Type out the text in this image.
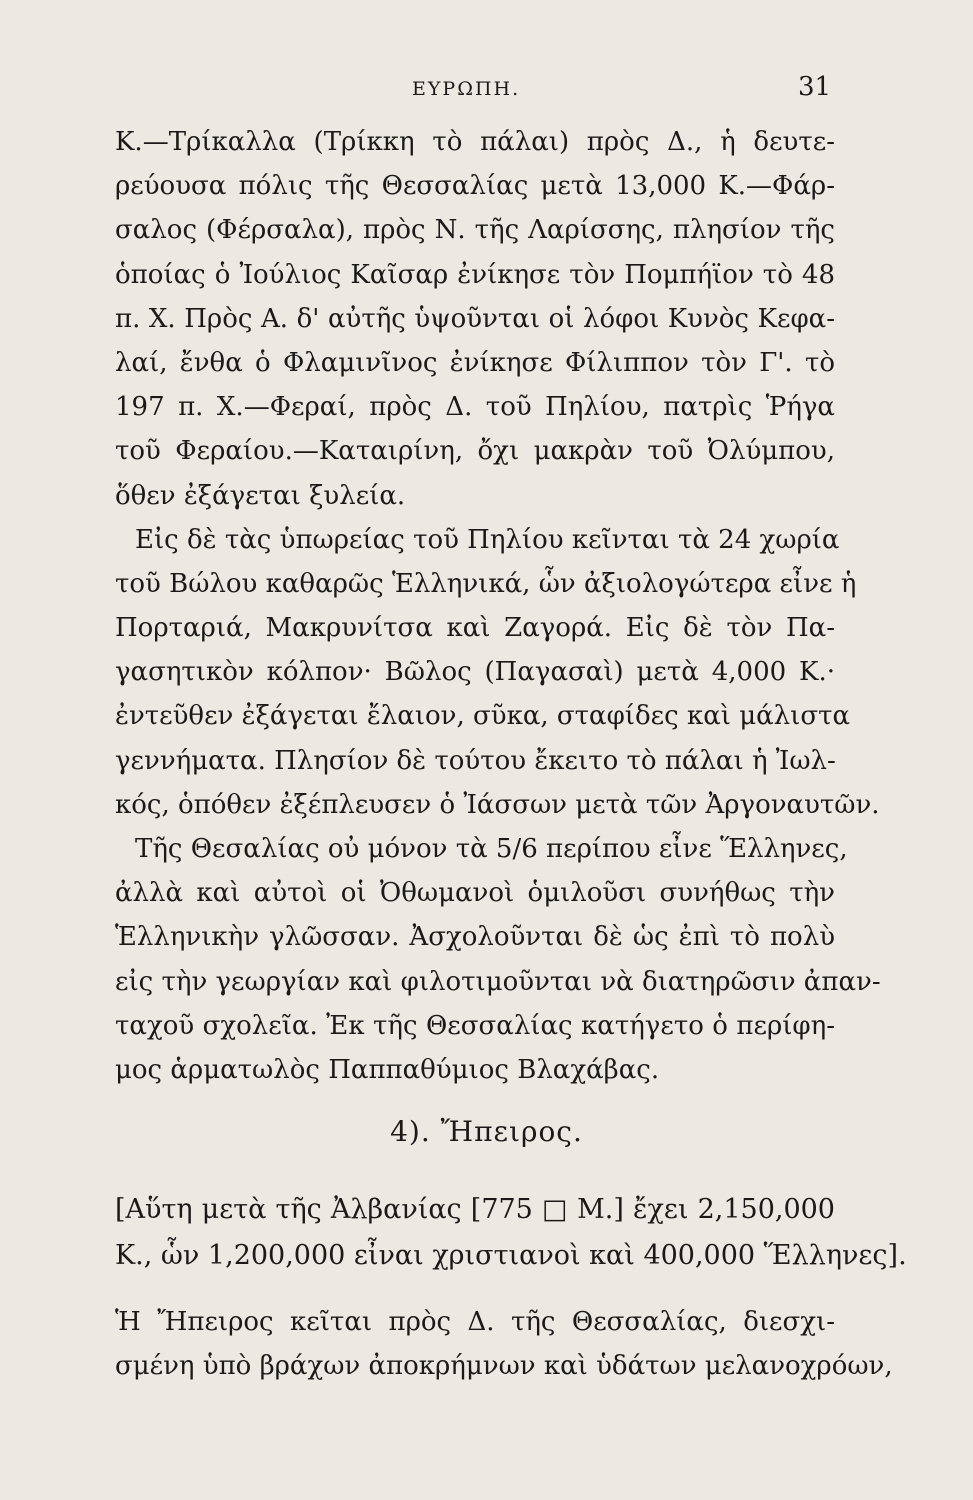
ΕΥΡΩΠΗ.	31
Κ.—Τρίκαλλα (Τρίκκη τὸ πάλαι) πρὸς Δ., ἡ δευτε-
ρεύουσα πόλις τῆς Θεσσαλίας μετὰ 13,000 Κ.—Φάρ-
σαλος (Φέρσαλα), πρὸς Ν. τῆς Λαρίσσης, πλησίον τῆς
ὁποίας ὁ Ἰούλιος Καῖσαρ ἐνίκησε τὸν Πομπήϊον τὸ 48
π. Χ. Πρὸς Α. δ' αὐτῆς ὑψοῦνται οἱ λόφοι Κυνὸς Κεφα-
λαί, ἔνθα ὁ Φλαμινῖνος ἐνίκησε Φίλιππον τὸν Γ'. τὸ
197 π. Χ.—Φεραί, πρὸς Δ. τοῦ Πηλίου, πατρὶς Ῥήγα
τοῦ Φεραίου.—Καταιρίνη, ὄχι μακρὰν τοῦ Ὀλύμπου,
ὅθεν ἐξάγεται ξυλεία.
Εἰς δὲ τὰς ὑπωρείας τοῦ Πηλίου κεῖνται τὰ 24 χωρία
τοῦ Βώλου καθαρῶς Ἑλληνικά, ὧν ἀξιολογώτερα εἶνε ἡ
Πορταριά, Μακρυνίτσα καὶ Ζαγορά. Εἰς δὲ τὸν Πα-
γασητικὸν κόλπον· Βῶλος (Παγασαὶ) μετὰ 4,000 Κ.·
ἐντεῦθεν ἐξάγεται ἔλαιον, σῦκα, σταφίδες καὶ μάλιστα
γεννήματα. Πλησίον δὲ τούτου ἔκειτο τὸ πάλαι ἡ Ἰωλ-
κός, ὁπόθεν ἐξέπλευσεν ὁ Ἰάσσων μετὰ τῶν Ἀργοναυτῶν.
Τῆς Θεσαλίας οὐ μόνον τὰ 5/6 περίπου εἶνε Ἕλληνες,
ἀλλὰ καὶ αὐτοὶ οἱ Ὀθωμανοὶ ὁμιλοῦσι συνήθως τὴν
Ἑλληνικὴν γλῶσσαν. Ἀσχολοῦνται δὲ ὡς ἐπὶ τὸ πολὺ
εἰς τὴν γεωργίαν καὶ φιλοτιμοῦνται νὰ διατηρῶσιν ἀπαν-
ταχοῦ σχολεῖα. Ἐκ τῆς Θεσσαλίας κατήγετο ὁ περίφη-
μος ἁρματωλὸς Παππαθύμιος Βλαχάβας.
4). Ἤπειρος.
[Αὕτη μετὰ τῆς Ἀλβανίας [775 □ Μ.] ἔχει 2,150,000
Κ., ὧν 1,200,000 εἶναι χριστιανοὶ καὶ 400,000 Ἕλληνες].
Ἡ Ἤπειρος κεῖται πρὸς Δ. τῆς Θεσσαλίας, διεσχι-
σμένη ὑπὸ βράχων ἀποκρήμνων καὶ ὑδάτων μελανοχρόων,
